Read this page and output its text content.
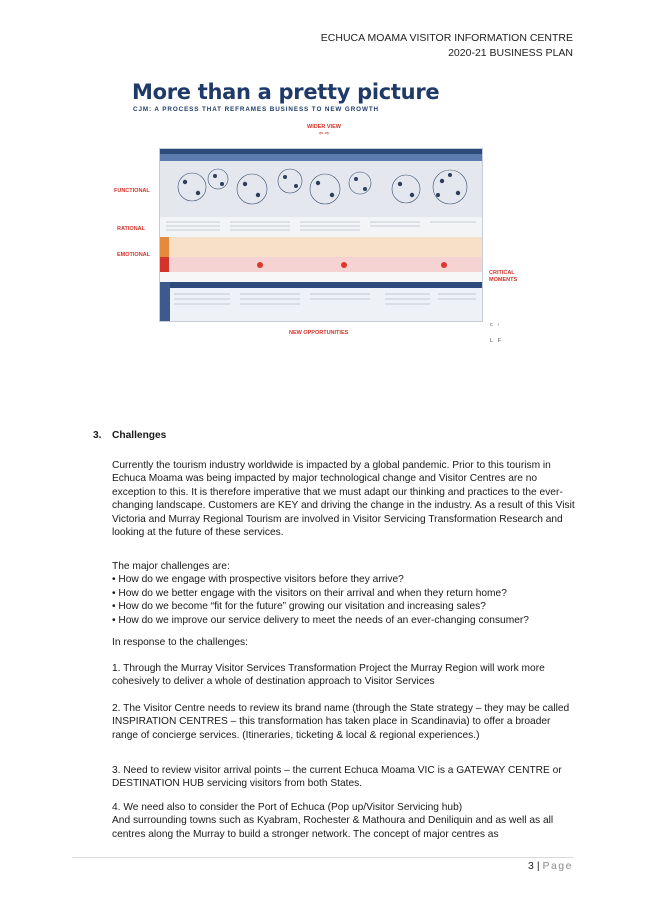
ECHUCA MOAMA VISITOR INFORMATION CENTRE
2020-21 BUSINESS PLAN
More than a pretty picture
CJM: A PROCESS THAT REFRAMES BUSINESS TO NEW GROWTH
WIDER VIEW
⇦ ⇨
FUNCTIONAL
RATIONAL
EMOTIONAL
CRITICAL MOMENTS
NEW OPPORTUNITIES
c   ›
L   F
3. Challenges

Currently the tourism industry worldwide is impacted by a global pandemic. Prior to this tourism in Echuca Moama was being impacted by major technological change and Visitor Centres are no exception to this. It is therefore imperative that we must adapt our thinking and practices to the ever-changing landscape. Customers are KEY and driving the change in the industry. As a result of this Visit Victoria and Murray Regional Tourism are involved in Visitor Servicing Transformation Research and looking at the future of these services.

The major challenges are:

• How do we engage with prospective visitors before they arrive?

• How do we better engage with the visitors on their arrival and when they return home?

• How do we become “fit for the future” growing our visitation and increasing sales?

• How do we improve our service delivery to meet the needs of an ever-changing consumer?

In response to the challenges:
1. Through the Murray Visitor Services Transformation Project the Murray Region will work more cohesively to deliver a whole of destination approach to Visitor Services
2. The Visitor Centre needs to review its brand name (through the State strategy – they may be called INSPIRATION CENTRES – this transformation has taken place in Scandinavia) to offer a broader range of concierge services. (Itineraries, ticketing & local & regional experiences.)
3. Need to review visitor arrival points – the current Echuca Moama VIC is a GATEWAY CENTRE or DESTINATION HUB servicing visitors from both States.

4. We need also to consider the Port of Echuca (Pop up/Visitor Servicing hub)

And surrounding towns such as Kyabram, Rochester & Mathoura and Deniliquin and as well as all centres along the Murray to build a stronger network. The concept of major centres as

3 | Page
